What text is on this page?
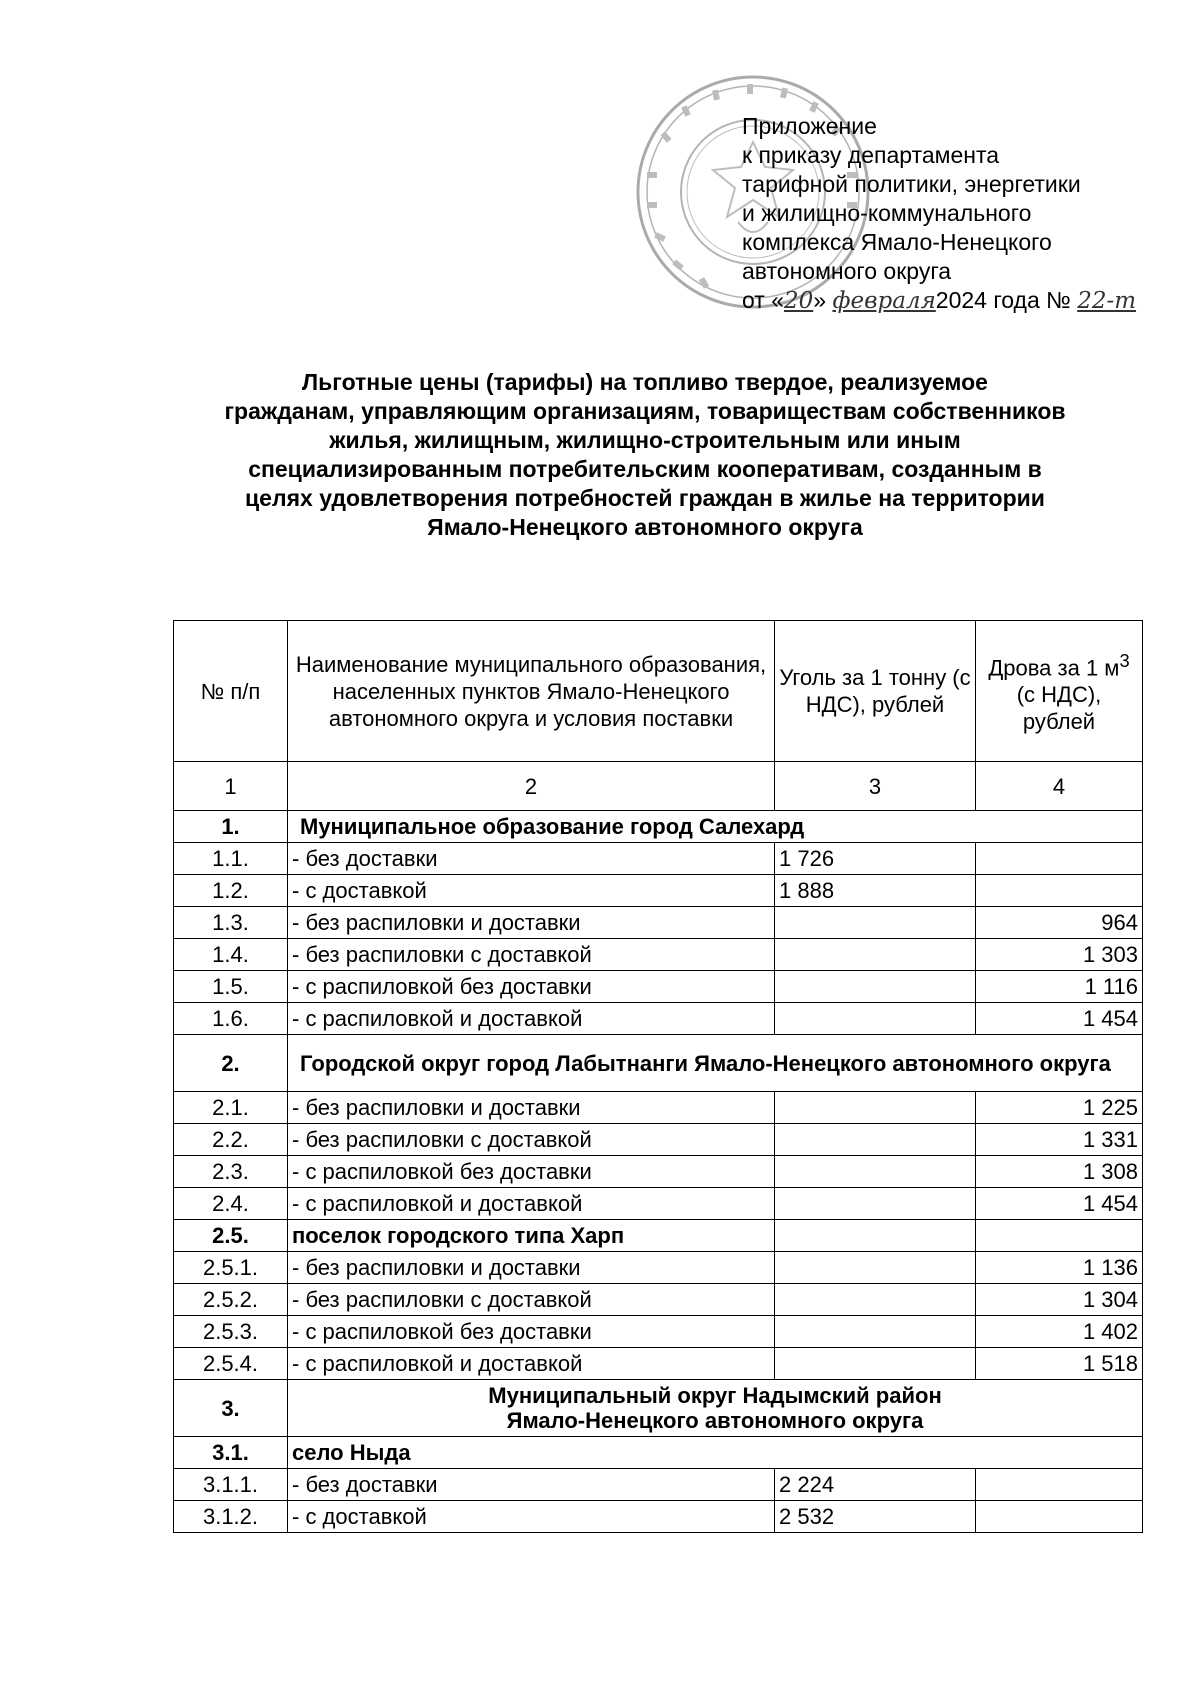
Приложение
к приказу департамента
тарифной политики, энергетики
и жилищно-коммунального
комплекса Ямало-Ненецкого
автономного округа
от «20» февраля2024 года № 22-т
Льготные цены (тарифы) на топливо твердое, реализуемое
гражданам, управляющим организациям, товариществам собственников
жилья, жилищным, жилищно-строительным или иным
специализированным потребительским кооперативам, созданным в
целях удовлетворения потребностей граждан в жилье на территории
Ямало-Ненецкого автономного округа
№ п/п	Наименование муниципального образования, населенных пунктов Ямало-Ненецкого автономного округа и условия поставки	Уголь за 1 тонну (с НДС), рублей	Дрова за 1 $м^3$ (с НДС), рублей
1	2	3	4
1.	Муниципальное образование город Салехард		
1.1.	- без доставки	1 726	
1.2.	- с доставкой	1 888	
1.3.	- без распиловки и доставки		964
1.4.	- без распиловки с доставкой		1 303
1.5.	- с распиловкой без доставки		1 116
1.6.	- с распиловкой и доставкой		1 454
2.	Городской округ город Лабытнанги Ямало-Ненецкого автономного округа		
2.1.	- без распиловки и доставки		1 225
2.2.	- без распиловки с доставкой		1 331
2.3.	- с распиловкой без доставки		1 308
2.4.	- с распиловкой и доставкой		1 454
2.5.	поселок городского типа Харп		
2.5.1.	- без распиловки и доставки		1 136
2.5.2.	- без распиловки с доставкой		1 304
2.5.3.	- с распиловкой без доставки		1 402
2.5.4.	- с распиловкой и доставкой		1 518
3.	Муниципальный округ Надымский район
Ямало-Ненецкого автономного округа		

3.1.	село Ныда		
3.1.1.	- без доставки	2 224	
3.1.2.	- с доставкой	2 532	
